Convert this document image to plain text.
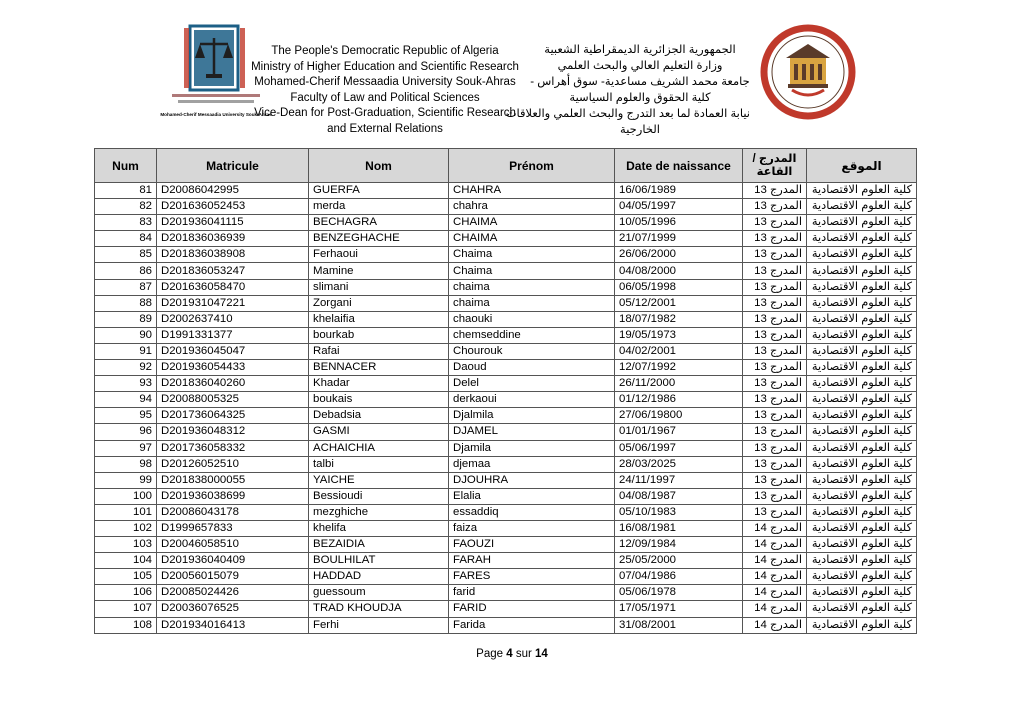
Mohamed-Cherif Messaadia University Souk-Ahras
The People's Democratic Republic of Algeria
Ministry of Higher Education and Scientific Research
Mohamed-Cherif Messaadia University Souk-Ahras
Faculty of Law and Political Sciences
Vice-Dean for Post-Graduation, Scientific Research
and External Relations
الجمهورية الجزائرية الديمقراطية الشعبية
وزارة التعليم العالي والبحث العلمي
جامعة محمد الشريف مساعدية- سوق أهراس -
كلية الحقوق والعلوم السياسية
نيابة العمادة لما بعد التدرج والبحث العلمي والعلاقات
الخارجية
Num	Matricule	Nom	Prénom	Date de naissance	المدرج /
القاعة	الموقع
81	D20086042995	GUERFA	CHAHRA	16/06/1989	المدرج 13	كلية العلوم الاقتصادية
82	D201636052453	merda	chahra	04/05/1997	المدرج 13	كلية العلوم الاقتصادية
83	D201936041115	BECHAGRA	CHAIMA	10/05/1996	المدرج 13	كلية العلوم الاقتصادية
84	D201836036939	BENZEGHACHE	CHAIMA	21/07/1999	المدرج 13	كلية العلوم الاقتصادية
85	D201836038908	Ferhaoui	Chaima	26/06/2000	المدرج 13	كلية العلوم الاقتصادية
86	D201836053247	Mamine	Chaima	04/08/2000	المدرج 13	كلية العلوم الاقتصادية
87	D201636058470	slimani	chaima	06/05/1998	المدرج 13	كلية العلوم الاقتصادية
88	D201931047221	Zorgani	chaima	05/12/2001	المدرج 13	كلية العلوم الاقتصادية
89	D2002637410	khelaifia	chaouki	18/07/1982	المدرج 13	كلية العلوم الاقتصادية
90	D1991331377	bourkab	chemseddine	19/05/1973	المدرج 13	كلية العلوم الاقتصادية
91	D201936045047	Rafai	Chourouk	04/02/2001	المدرج 13	كلية العلوم الاقتصادية
92	D201936054433	BENNACER	Daoud	12/07/1992	المدرج 13	كلية العلوم الاقتصادية
93	D201836040260	Khadar	Delel	26/11/2000	المدرج 13	كلية العلوم الاقتصادية
94	D20088005325	boukais	derkaoui	01/12/1986	المدرج 13	كلية العلوم الاقتصادية
95	D201736064325	Debadsia	Djalmila	27/06/19800	المدرج 13	كلية العلوم الاقتصادية
96	D201936048312	GASMI	DJAMEL	01/01/1967	المدرج 13	كلية العلوم الاقتصادية
97	D201736058332	ACHAICHIA	Djamila	05/06/1997	المدرج 13	كلية العلوم الاقتصادية
98	D20126052510	talbi	djemaa	28/03/2025	المدرج 13	كلية العلوم الاقتصادية
99	D201838000055	YAICHE	DJOUHRA	24/11/1997	المدرج 13	كلية العلوم الاقتصادية
100	D201936038699	Bessioudi	Elalia	04/08/1987	المدرج 13	كلية العلوم الاقتصادية
101	D20086043178	mezghiche	essaddiq	05/10/1983	المدرج 13	كلية العلوم الاقتصادية
102	D1999657833	khelifa	faiza	16/08/1981	المدرج 14	كلية العلوم الاقتصادية
103	D20046058510	BEZAIDIA	FAOUZI	12/09/1984	المدرج 14	كلية العلوم الاقتصادية
104	D201936040409	BOULHILAT	FARAH	25/05/2000	المدرج 14	كلية العلوم الاقتصادية
105	D20056015079	HADDAD	FARES	07/04/1986	المدرج 14	كلية العلوم الاقتصادية
106	D20085024426	guessoum	farid	05/06/1978	المدرج 14	كلية العلوم الاقتصادية
107	D20036076525	TRAD KHOUDJA	FARID	17/05/1971	المدرج 14	كلية العلوم الاقتصادية
108	D201934016413	Ferhi	Farida	31/08/2001	المدرج 14	كلية العلوم الاقتصادية
Page 4 sur 14
